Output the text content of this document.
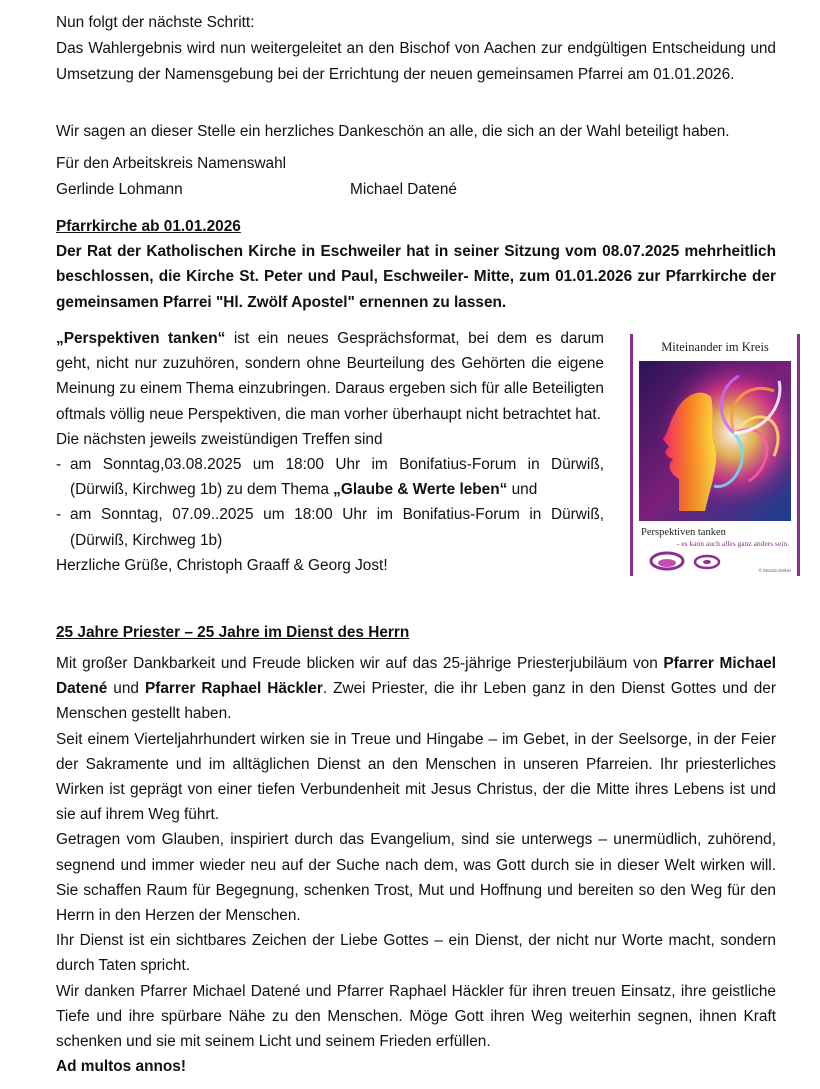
Nun folgt der nächste Schritt:
Das Wahlergebnis wird nun weitergeleitet an den Bischof von Aachen zur endgültigen Entscheidung und Umsetzung der Namensgebung bei der Errichtung der neuen gemeinsamen Pfarrei am 01.01.2026.
Wir sagen an dieser Stelle ein herzliches Dankeschön an alle, die sich an der Wahl beteiligt haben.
Für den Arbeitskreis Namenswahl
Gerlinde Lohmann	Michael Datené
Pfarrkirche ab 01.01.2026
Der Rat der Katholischen Kirche in Eschweiler hat in seiner Sitzung vom 08.07.2025 mehrheitlich beschlossen, die Kirche St. Peter und Paul, Eschweiler- Mitte, zum 01.01.2026 zur Pfarrkirche der gemeinsamen Pfarrei "Hl. Zwölf Apostel" ernennen zu lassen.
„Perspektiven tanken“ ist ein neues Gesprächsformat, bei dem es darum geht, nicht nur zuzuhören, sondern ohne Beurteilung des Gehörten die eigene Meinung zu einem Thema einzubringen. Daraus ergeben sich für alle Beteiligten oftmals völlig neue Perspektiven, die man vorher überhaupt nicht betrachtet hat.
Die nächsten jeweils zweistündigen Treffen sind
- am Sonntag,03.08.2025 um 18:00 Uhr im Bonifatius-Forum in Dürwiß, (Dürwiß, Kirchweg 1b) zu dem Thema „Glaube & Werte leben“ und
- am Sonntag, 07.09..2025 um 18:00 Uhr im Bonifatius-Forum in Dürwiß, (Dürwiß, Kirchweg 1b)
Herzliche Grüße, Christoph Graaff & Georg Jost!
Miteinander im Kreis
Perspektiven tanken
- es kann auch alles ganz anders sein.
© Mozira GmbH
25 Jahre Priester – 25 Jahre im Dienst des Herrn
Mit großer Dankbarkeit und Freude blicken wir auf das 25-jährige Priesterjubiläum von Pfarrer Michael Datené und Pfarrer Raphael Häckler. Zwei Priester, die ihr Leben ganz in den Dienst Gottes und der Menschen gestellt haben.
Seit einem Vierteljahrhundert wirken sie in Treue und Hingabe – im Gebet, in der Seelsorge, in der Feier der Sakramente und im alltäglichen Dienst an den Menschen in unseren Pfarreien. Ihr priesterliches Wirken ist geprägt von einer tiefen Verbundenheit mit Jesus Christus, der die Mitte ihres Lebens ist und sie auf ihrem Weg führt.
Getragen vom Glauben, inspiriert durch das Evangelium, sind sie unterwegs – unermüdlich, zuhörend, segnend und immer wieder neu auf der Suche nach dem, was Gott durch sie in dieser Welt wirken will. Sie schaffen Raum für Begegnung, schenken Trost, Mut und Hoffnung und bereiten so den Weg für den Herrn in den Herzen der Menschen.
Ihr Dienst ist ein sichtbares Zeichen der Liebe Gottes – ein Dienst, der nicht nur Worte macht, sondern durch Taten spricht.
Wir danken Pfarrer Michael Datené und Pfarrer Raphael Häckler für ihren treuen Einsatz, ihre geistliche Tiefe und ihre spürbare Nähe zu den Menschen. Möge Gott ihren Weg weiterhin segnen, ihnen Kraft schenken und sie mit seinem Licht und seinem Frieden erfüllen.
Ad multos annos!
